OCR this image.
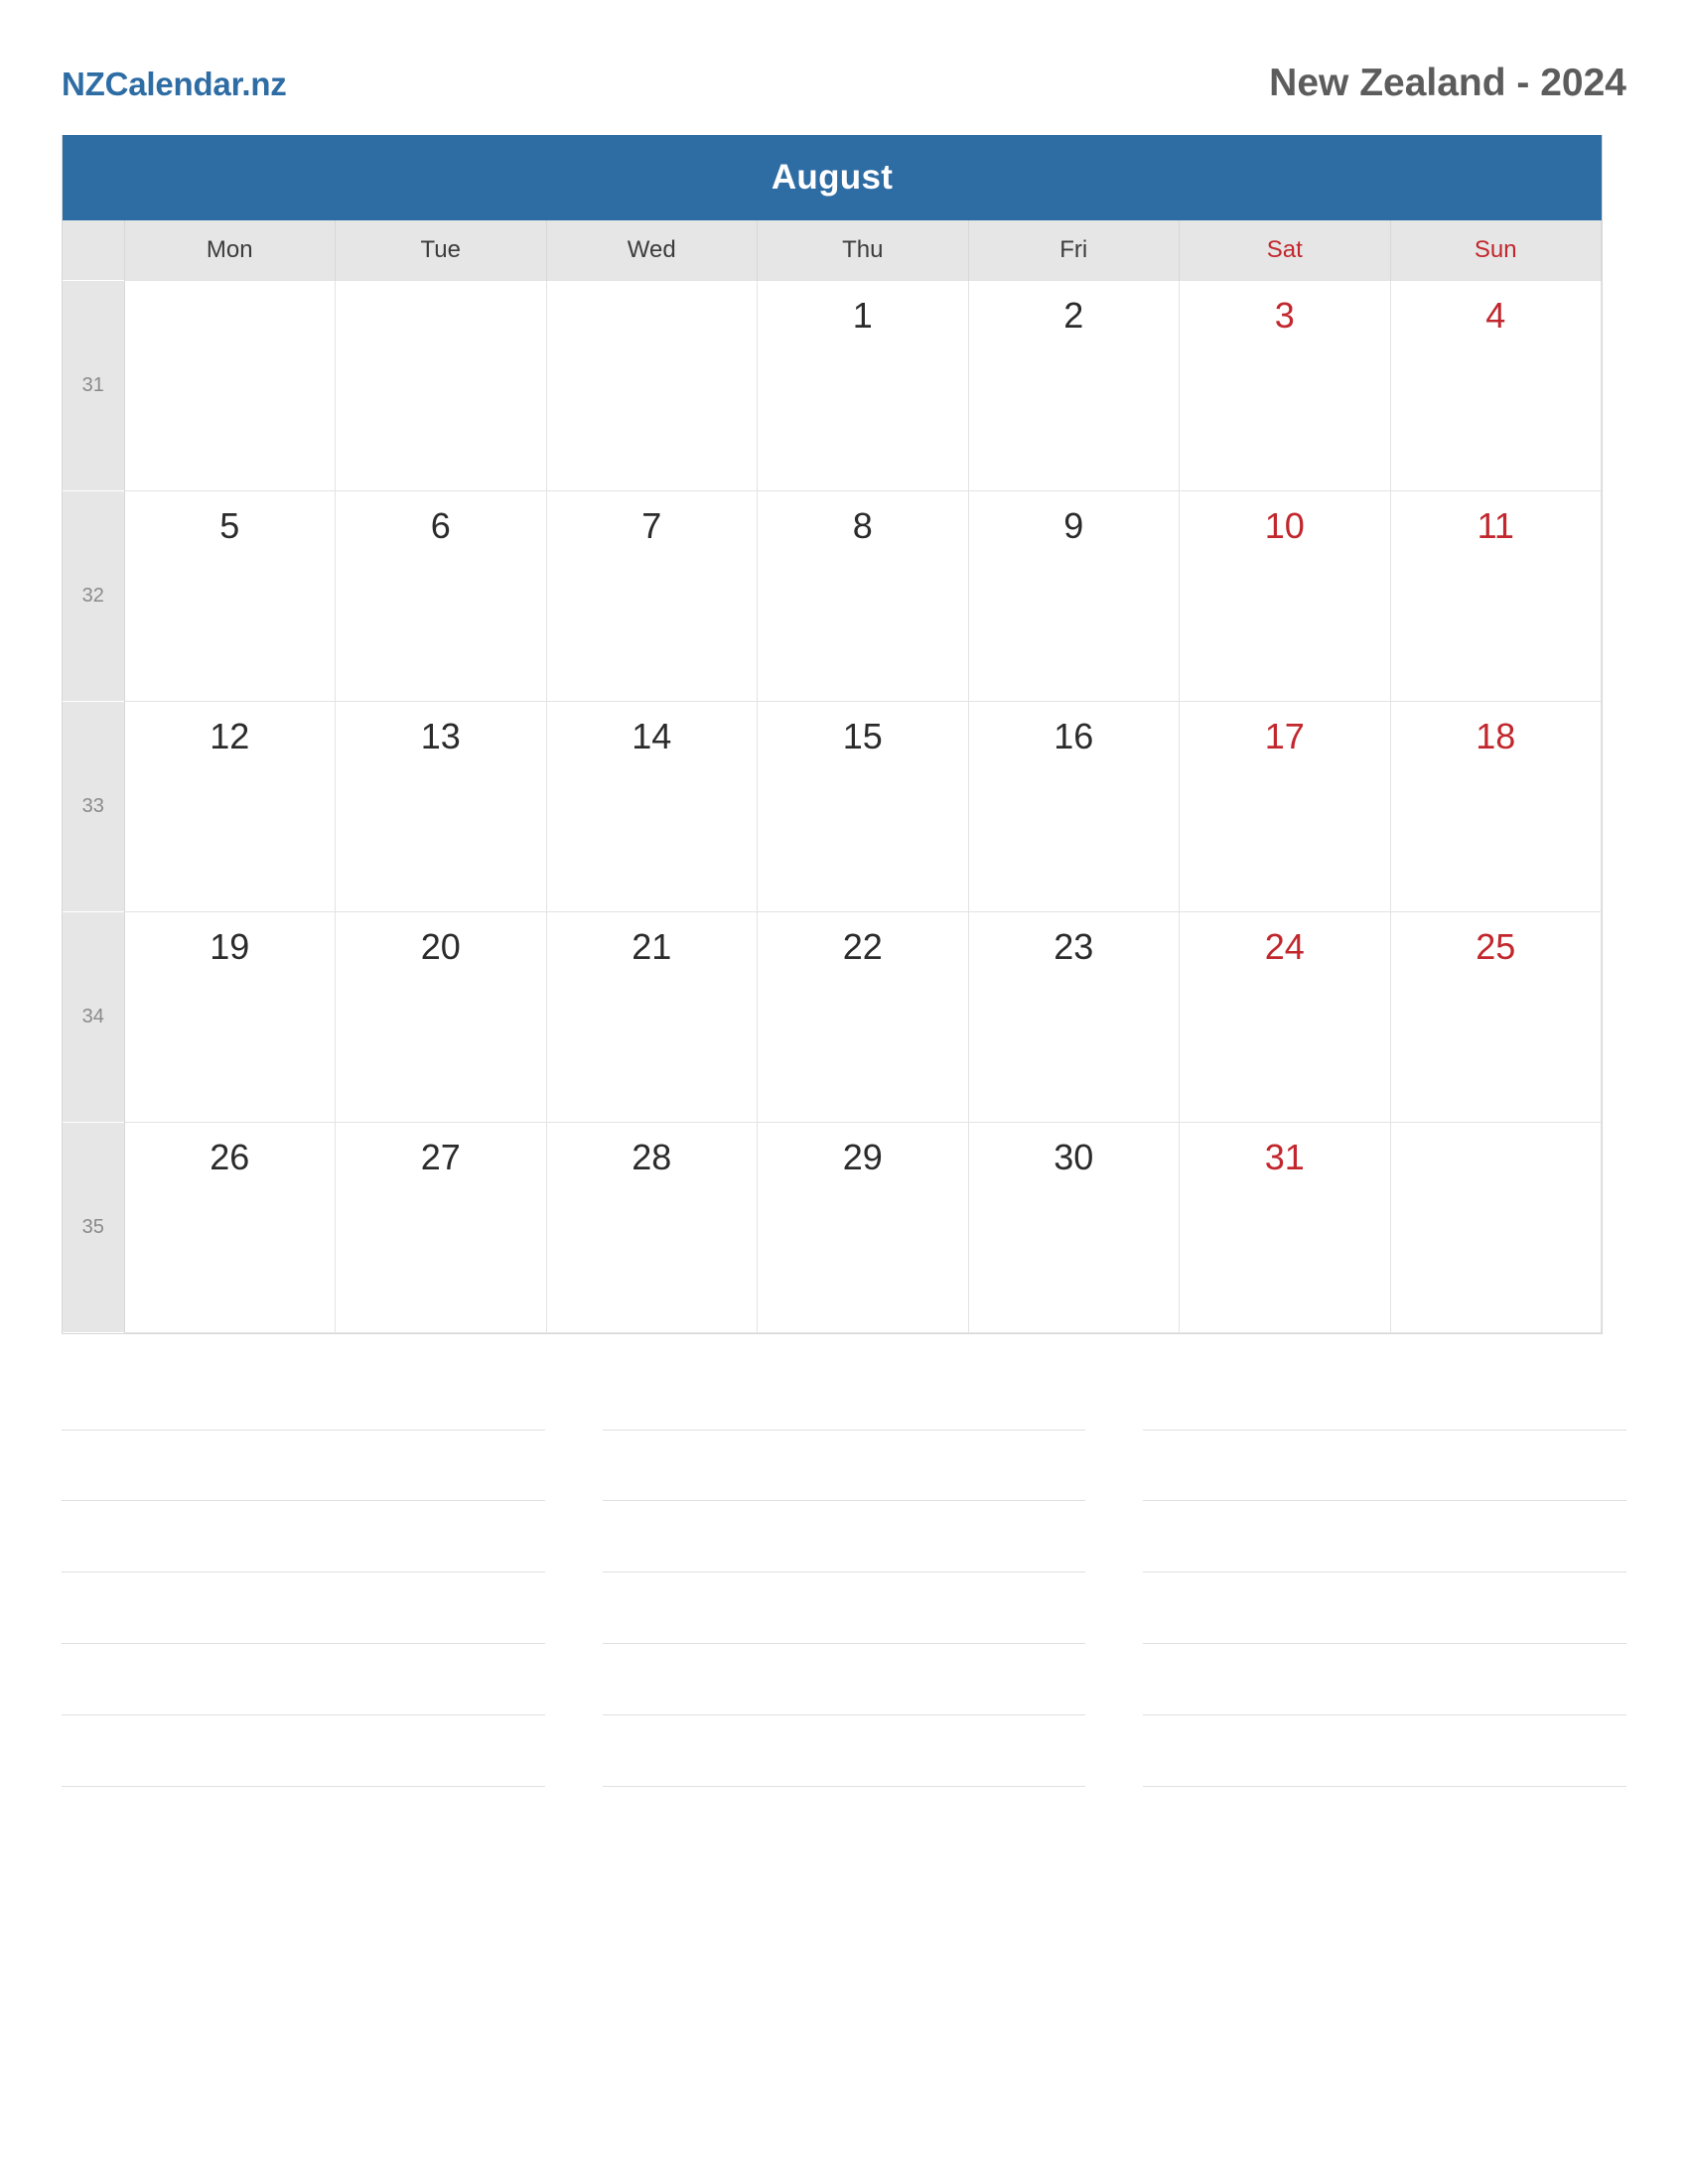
NZCalendar.nz	New Zealand - 2024
August
	Mon	Tue	Wed	Thu	Fri	Sat	Sun
31				1	2	3	4
32	5	6	7	8	9	10	11
33	12	13	14	15	16	17	18
34	19	20	21	22	23	24	25
35	26	27	28	29	30	31	
